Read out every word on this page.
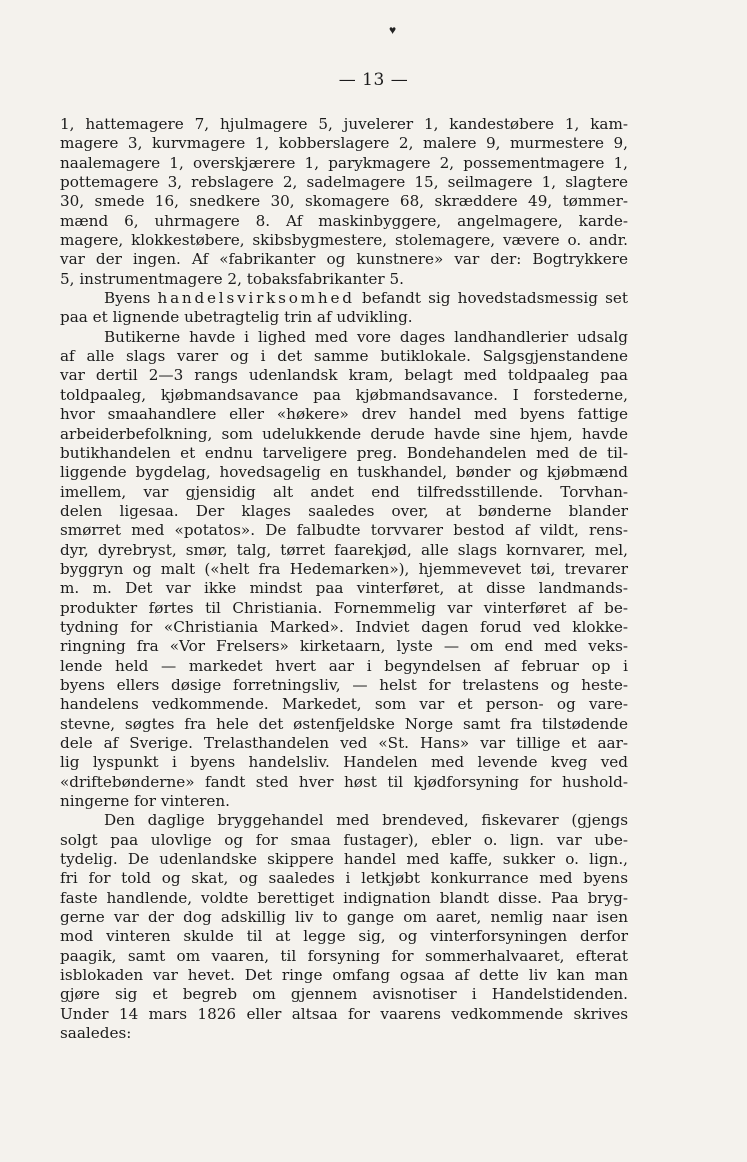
♥
— 13 —
1, hattemagere 7, hjulmagere 5, juvelerer 1, kandestøbere 1, kam-
magere 3, kurvmagere 1, kobberslagere 2, malere 9, murmestere 9,
naalemagere 1, overskjærere 1, parykmagere 2, possementmagere 1,
pottemagere 3, rebslagere 2, sadelmagere 15, seilmagere 1, slagtere
30, smede 16, snedkere 30, skomagere 68, skræddere 49, tømmer-
mænd 6, uhrmagere 8. Af maskinbyggere, angelmagere, karde-
magere, klokkestøbere, skibsbygmestere, stolemagere, vævere o. andr.
var der ingen. Af «fabrikanter og kunstnere» var der: Bogtrykkere
5, instrumentmagere 2, tobaksfabrikanter 5.
Byens handelsvirksomhed befandt sig hovedstadsmessig set
paa et lignende ubetragtelig trin af udvikling.
Butikerne havde i lighed med vore dages landhandlerier udsalg
af alle slags varer og i det samme butiklokale. Salgsgjenstandene
var dertil 2—3 rangs udenlandsk kram, belagt med toldpaaleg paa
toldpaaleg, kjøbmandsavance paa kjøbmandsavance. I forstederne,
hvor smaahandlere eller «høkere» drev handel med byens fattige
arbeiderbefolkning, som udelukkende derude havde sine hjem, havde
butikhandelen et endnu tarveligere preg. Bondehandelen med de til-
liggende bygdelag, hovedsagelig en tuskhandel, bønder og kjøbmænd
imellem, var gjensidig alt andet end tilfredsstillende. Torvhan-
delen ligesaa. Der klages saaledes over, at bønderne blander
smørret med «potatos». De falbudte torvvarer bestod af vildt, rens-
dyr, dyrebryst, smør, talg, tørret faarekjød, alle slags kornvarer, mel,
byggryn og malt («helt fra Hedemarken»), hjemmevevet tøi, trevarer
m. m. Det var ikke mindst paa vinterføret, at disse landmands-
produkter førtes til Christiania. Fornemmelig var vinterføret af be-
tydning for «Christiania Marked». Indviet dagen forud ved klokke-
ringning fra «Vor Frelsers» kirketaarn, lyste — om end med veks-
lende held — markedet hvert aar i begyndelsen af februar op i
byens ellers døsige forretningsliv, — helst for trelastens og heste-
handelens vedkommende. Markedet, som var et person- og vare-
stevne, søgtes fra hele det østenfjeldske Norge samt fra tilstødende
dele af Sverige. Trelasthandelen ved «St. Hans» var tillige et aar-
lig lyspunkt i byens handelsliv. Handelen med levende kveg ved
«driftebønderne» fandt sted hver høst til kjødforsyning for hushold-
ningerne for vinteren.
Den daglige bryggehandel med brendeved, fiskevarer (gjengs
solgt paa ulovlige og for smaa fustager), ebler o. lign. var ube-
tydelig. De udenlandske skippere handel med kaffe, sukker o. lign.,
fri for told og skat, og saaledes i letkjøbt konkurrance med byens
faste handlende, voldte berettiget indignation blandt disse. Paa bryg-
gerne var der dog adskillig liv to gange om aaret, nemlig naar isen
mod vinteren skulde til at legge sig, og vinterforsyningen derfor
paagik, samt om vaaren, til forsyning for sommerhalvaaret, efterat
isblokaden var hevet. Det ringe omfang ogsaa af dette liv kan man
gjøre sig et begreb om gjennem avisnotiser i Handelstidenden.
Under 14 mars 1826 eller altsaa for vaarens vedkommende skrives
saaledes:
